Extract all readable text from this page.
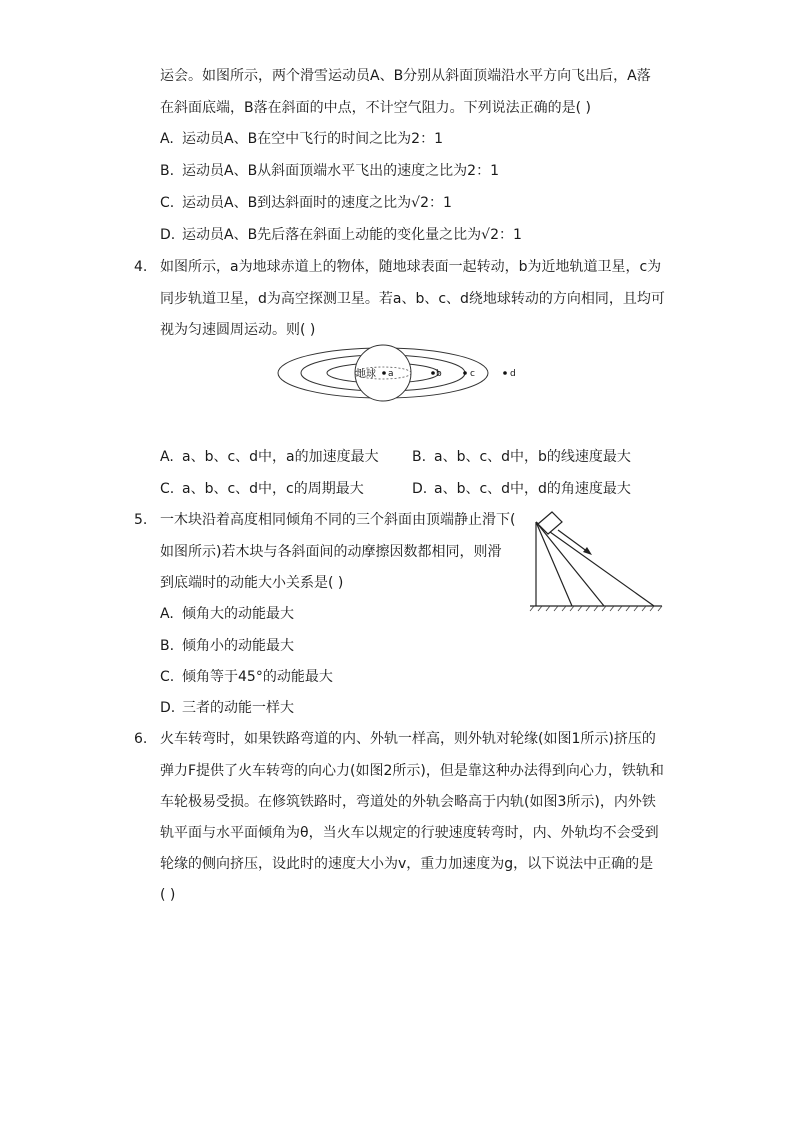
运会。如图所示，两个滑雪运动员A、B分别从斜面顶端沿水平方向飞出后，A落
在斜面底端，B落在斜面的中点，不计空气阻力。下列说法正确的是( )
A. 运动员A、B在空中飞行的时间之比为2：1
B. 运动员A、B从斜面顶端水平飞出的速度之比为2：1
C. 运动员A、B到达斜面时的速度之比为√2：1
D. 运动员A、B先后落在斜面上动能的变化量之比为√2：1
4. 如图所示，a为地球赤道上的物体，随地球表面一起转动，b为近地轨道卫星，c为
同步轨道卫星，d为高空探测卫星。若a、b、c、d绕地球转动的方向相同，且均可
视为匀速圆周运动。则( )
地球 a	b	c	d
A. a、b、c、d中，a的加速度最大 B. a、b、c、d中，b的线速度最大
C. a、b、c、d中，c的周期最大	D. a、b、c、d中，d的角速度最大
5. 一木块沿着高度相同倾角不同的三个斜面由顶端静止滑下(
如图所示)若木块与各斜面间的动摩擦因数都相同，则滑
到底端时的动能大小关系是( )
A. 倾角大的动能最大
B. 倾角小的动能最大
C. 倾角等于45°的动能最大
D. 三者的动能一样大
6. 火车转弯时，如果铁路弯道的内、外轨一样高，则外轨对轮缘(如图1所示)挤压的
弹力F提供了火车转弯的向心力(如图2所示)，但是靠这种办法得到向心力，铁轨和
车轮极易受损。在修筑铁路时，弯道处的外轨会略高于内轨(如图3所示)，内外铁
轨平面与水平面倾角为θ，当火车以规定的行驶速度转弯时，内、外轨均不会受到
轮缘的侧向挤压，设此时的速度大小为v，重力加速度为g，以下说法中正确的是
( )
